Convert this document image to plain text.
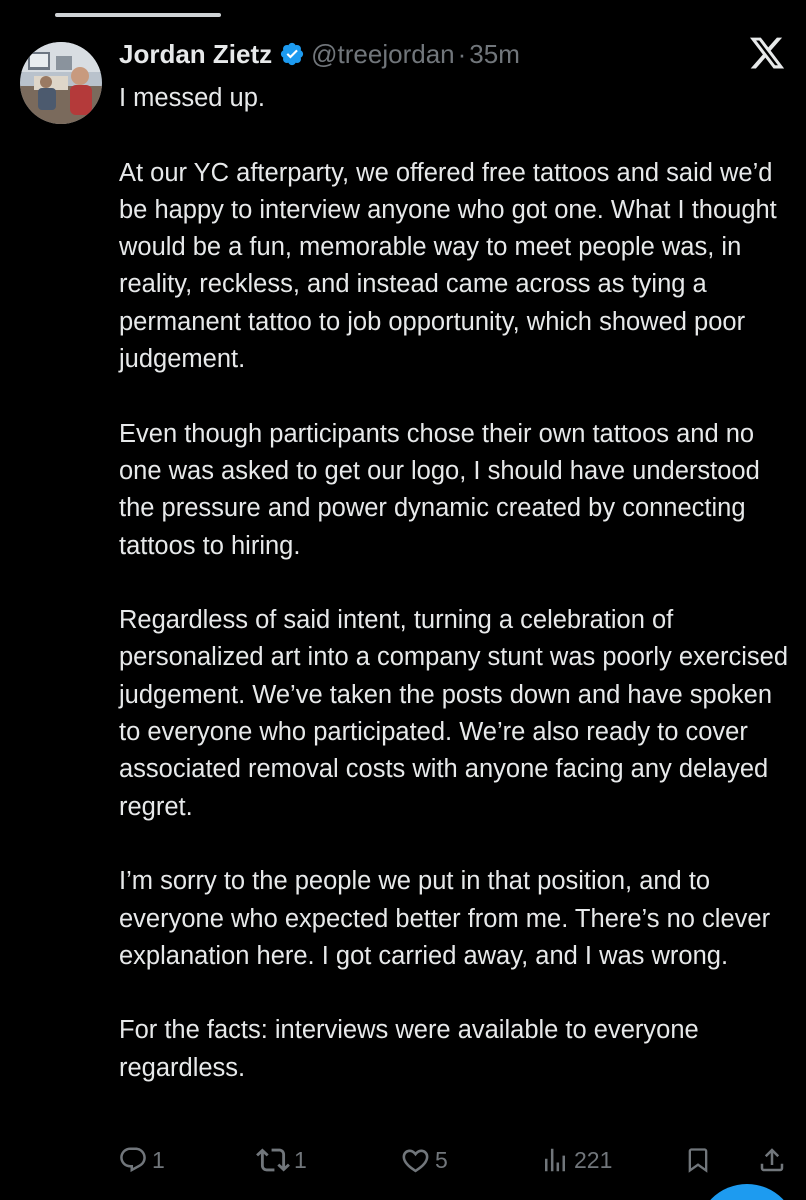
Jordan Zietz @treejordan · 35m

I messed up.

At our YC afterparty, we offered free tattoos and said we’d be happy to interview anyone who got one. What I thought would be a fun, memorable way to meet people was, in reality, reckless, and instead came across as tying a permanent tattoo to job opportunity, which showed poor judgement.

Even though participants chose their own tattoos and no one was asked to get our logo, I should have understood the pressure and power dynamic created by connecting tattoos to hiring.

Regardless of said intent, turning a celebration of personalized art into a company stunt was poorly exercised judgement. We’ve taken the posts down and have spoken to everyone who participated. We’re also ready to cover associated removal costs with anyone facing any delayed regret.

I’m sorry to the people we put in that position, and to everyone who expected better from me. There’s no clever explanation here. I got carried away, and I was wrong.

For the facts: interviews were available to everyone regardless.

1	1	5	221
